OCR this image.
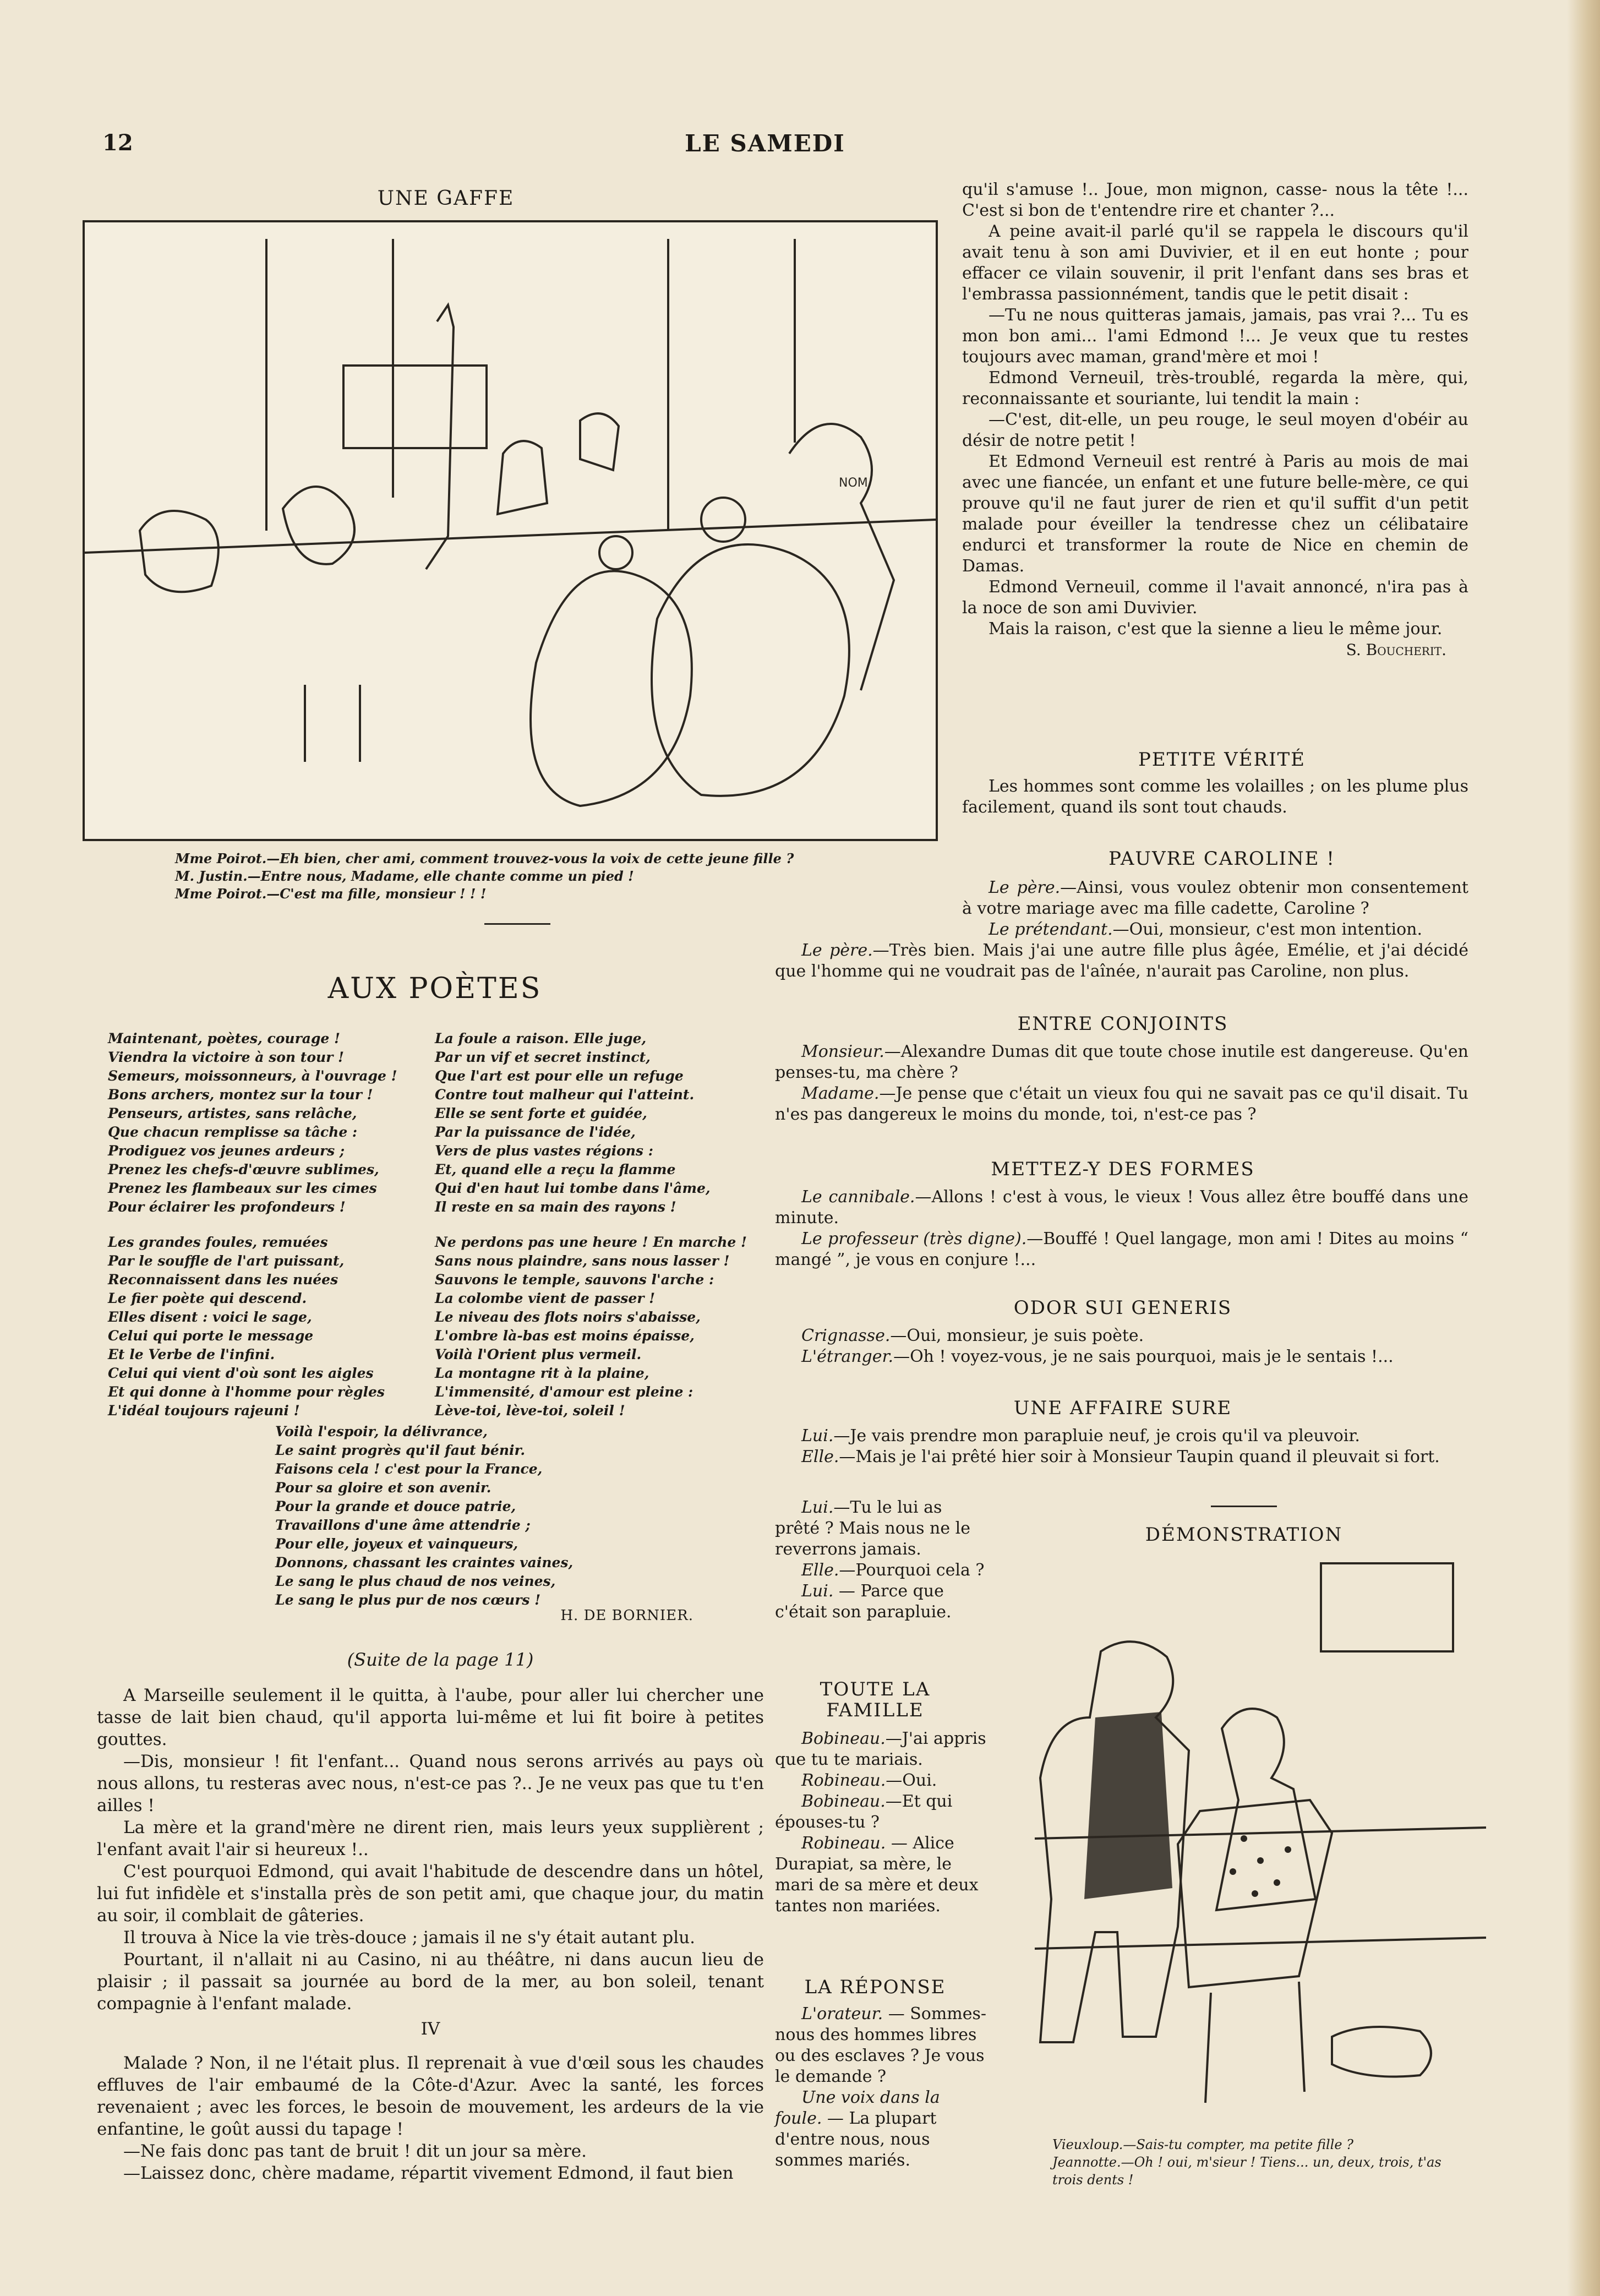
12	LE SAMEDI
UNE GAFFE
NOM
Mme Poirot.—Eh bien, cher ami, comment trouvez-vous la voix de cette jeune fille ?
M. Justin.—Entre nous, Madame, elle chante comme un pied !
Mme Poirot.—C'est ma fille, monsieur ! ! !
AUX POÈTES
Maintenant, poètes, courage !
Viendra la victoire à son tour !
Semeurs, moissonneurs, à l'ouvrage !
Bons archers, montez sur la tour !
Penseurs, artistes, sans relâche,
Que chacun remplisse sa tâche :
Prodiguez vos jeunes ardeurs ;
Prenez les chefs-d'œuvre sublimes,
Prenez les flambeaux sur les cimes
Pour éclairer les profondeurs !
Les grandes foules, remuées
Par le souffle de l'art puissant,
Reconnaissent dans les nuées
Le fier poète qui descend.
Elles disent : voici le sage,
Celui qui porte le message
Et le Verbe de l'infini.
Celui qui vient d'où sont les aigles
Et qui donne à l'homme pour règles
L'idéal toujours rajeuni !
La foule a raison. Elle juge,
Par un vif et secret instinct,
Que l'art est pour elle un refuge
Contre tout malheur qui l'atteint.
Elle se sent forte et guidée,
Par la puissance de l'idée,
Vers de plus vastes régions :
Et, quand elle a reçu la flamme
Qui d'en haut lui tombe dans l'âme,
Il reste en sa main des rayons !
Ne perdons pas une heure ! En marche !
Sans nous plaindre, sans nous lasser !
Sauvons le temple, sauvons l'arche :
La colombe vient de passer !
Le niveau des flots noirs s'abaisse,
L'ombre là-bas est moins épaisse,
Voilà l'Orient plus vermeil.
La montagne rit à la plaine,
L'immensité, d'amour est pleine :
Lève-toi, lève-toi, soleil !
Voilà l'espoir, la délivrance,
Le saint progrès qu'il faut bénir.
Faisons cela ! c'est pour la France,
Pour sa gloire et son avenir.
Pour la grande et douce patrie,
Travaillons d'une âme attendrie ;
Pour elle, joyeux et vainqueurs,
Donnons, chassant les craintes vaines,
Le sang le plus chaud de nos veines,
Le sang le plus pur de nos cœurs !
H. DE BORNIER.
(Suite de la page 11)

A Marseille seulement il le quitta, à l'aube, pour aller lui chercher une tasse de lait bien chaud, qu'il apporta lui-même et lui fit boire à petites gouttes.

—Dis, monsieur ! fit l'enfant... Quand nous serons arrivés au pays où nous allons, tu resteras avec nous, n'est-ce pas ?.. Je ne veux pas que tu t'en ailles !

La mère et la grand'mère ne dirent rien, mais leurs yeux supplièrent ; l'enfant avait l'air si heureux !..

C'est pourquoi Edmond, qui avait l'habitude de descendre dans un hôtel, lui fut infidèle et s'installa près de son petit ami, que chaque jour, du matin au soir, il comblait de gâteries.

Il trouva à Nice la vie très-douce ; jamais il ne s'y était autant plu.

Pourtant, il n'allait ni au Casino, ni au théâtre, ni dans aucun lieu de plaisir ; il passait sa journée au bord de la mer, au bon soleil, tenant compagnie à l'enfant malade.

IV

Malade ? Non, il ne l'était plus. Il reprenait à vue d'œil sous les chaudes effluves de l'air embaumé de la Côte-d'Azur. Avec la santé, les forces revenaient ; avec les forces, le besoin de mouvement, les ardeurs de la vie enfantine, le goût aussi du tapage !

—Ne fais donc pas tant de bruit ! dit un jour sa mère.

—Laissez donc, chère madame, répartit vivement Edmond, il faut bien

qu'il s'amuse !.. Joue, mon mignon, casse- nous la tête !... C'est si bon de t'entendre rire et chanter ?...

A peine avait-il parlé qu'il se rappela le discours qu'il avait tenu à son ami Duvivier, et il en eut honte ; pour effacer ce vilain souvenir, il prit l'enfant dans ses bras et l'embrassa passionnément, tandis que le petit disait :

—Tu ne nous quitteras jamais, jamais, pas vrai ?... Tu es mon bon ami... l'ami Edmond !... Je veux que tu restes toujours avec maman, grand'mère et moi !

Edmond Verneuil, très-troublé, regarda la mère, qui, reconnaissante et souriante, lui tendit la main :

—C'est, dit-elle, un peu rouge, le seul moyen d'obéir au désir de notre petit !

Et Edmond Verneuil est rentré à Paris au mois de mai avec une fiancée, un enfant et une future belle-mère, ce qui prouve qu'il ne faut jurer de rien et qu'il suffit d'un petit malade pour éveiller la tendresse chez un célibataire endurci et transformer la route de Nice en chemin de Damas.

Edmond Verneuil, comme il l'avait annoncé, n'ira pas à la noce de son ami Duvivier.

Mais la raison, c'est que la sienne a lieu le même jour.

S. Boucherit.
PETITE VÉRITÉ

Les hommes sont comme les volailles ; on les plume plus facilement, quand ils sont tout chauds.

PAUVRE CAROLINE !

Le père.—Ainsi, vous voulez obtenir mon consentement à votre mariage avec ma fille cadette, Caroline ?

Le prétendant.—Oui, monsieur, c'est mon intention.

Le père.—Très bien. Mais j'ai une autre fille plus âgée, Emélie, et j'ai décidé que l'homme qui ne voudrait pas de l'aînée, n'aurait pas Caroline, non plus.

ENTRE CONJOINTS

Monsieur.—Alexandre Dumas dit que toute chose inutile est dangereuse. Qu'en penses-tu, ma chère ?

Madame.—Je pense que c'était un vieux fou qui ne savait pas ce qu'il disait. Tu n'es pas dangereux le moins du monde, toi, n'est-ce pas ?

METTEZ-Y DES FORMES

Le cannibale.—Allons ! c'est à vous, le vieux ! Vous allez être bouffé dans une minute.

Le professeur (très digne).—Bouffé ! Quel langage, mon ami ! Dites au moins “ mangé ”, je vous en conjure !...

ODOR SUI GENERIS

Crignasse.—Oui, monsieur, je suis poète.

L'étranger.—Oh ! voyez-vous, je ne sais pourquoi, mais je le sentais !...

UNE AFFAIRE SURE

Lui.—Je vais prendre mon parapluie neuf, je crois qu'il va pleuvoir.

Elle.—Mais je l'ai prêté hier soir à Monsieur Taupin quand il pleuvait si fort.

Lui.—Tu le lui as prêté ? Mais nous ne le reverrons jamais.

Elle.—Pourquoi cela ?

Lui. — Parce que c'était son parapluie.

TOUTE LA FAMILLE

Bobineau.—J'ai appris que tu te mariais.

Robineau.—Oui.

Bobineau.—Et qui épouses-tu ?

Robineau. — Alice Durapiat, sa mère, le mari de sa mère et deux tantes non mariées.

LA RÉPONSE

L'orateur. — Sommes-nous des hommes libres ou des esclaves ? Je vous le demande ?

Une voix dans la foule. — La plupart d'entre nous, nous sommes mariés.

DÉMONSTRATION
Vieuxloup.—Sais-tu compter, ma petite fille ?
Jeannotte.—Oh ! oui, m'sieur ! Tiens... un, deux, trois, t'as trois dents !
